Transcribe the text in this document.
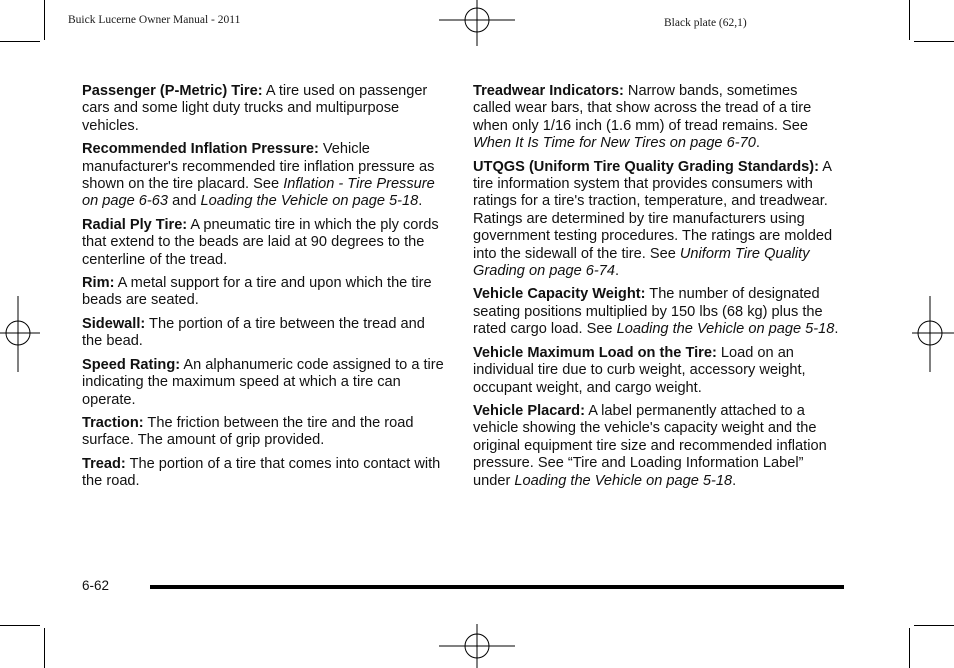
Buick Lucerne Owner Manual - 2011	Black plate (62,1)

Passenger (P-Metric) Tire: A tire used on passenger cars and some light duty trucks and multipurpose vehicles.

Recommended Inflation Pressure: Vehicle manufacturer's recommended tire inflation pressure as shown on the tire placard. See Inflation - Tire Pressure on page 6-63 and Loading the Vehicle on page 5-18.

Radial Ply Tire: A pneumatic tire in which the ply cords that extend to the beads are laid at 90 degrees to the centerline of the tread.

Rim: A metal support for a tire and upon which the tire beads are seated.

Sidewall: The portion of a tire between the tread and the bead.

Speed Rating: An alphanumeric code assigned to a tire indicating the maximum speed at which a tire can operate.

Traction: The friction between the tire and the road surface. The amount of grip provided.

Tread: The portion of a tire that comes into contact with the road.

Treadwear Indicators: Narrow bands, sometimes called wear bars, that show across the tread of a tire when only 1/16 inch (1.6 mm) of tread remains. See When It Is Time for New Tires on page 6-70.

UTQGS (Uniform Tire Quality Grading Standards): A tire information system that provides consumers with ratings for a tire's traction, temperature, and treadwear. Ratings are determined by tire manufacturers using government testing procedures. The ratings are molded into the sidewall of the tire. See Uniform Tire Quality Grading on page 6-74.

Vehicle Capacity Weight: The number of designated seating positions multiplied by 150 lbs (68 kg) plus the rated cargo load. See Loading the Vehicle on page 5-18.

Vehicle Maximum Load on the Tire: Load on an individual tire due to curb weight, accessory weight, occupant weight, and cargo weight.

Vehicle Placard: A label permanently attached to a vehicle showing the vehicle's capacity weight and the original equipment tire size and recommended inflation pressure. See “Tire and Loading Information Label” under Loading the Vehicle on page 5-18.

6-62
